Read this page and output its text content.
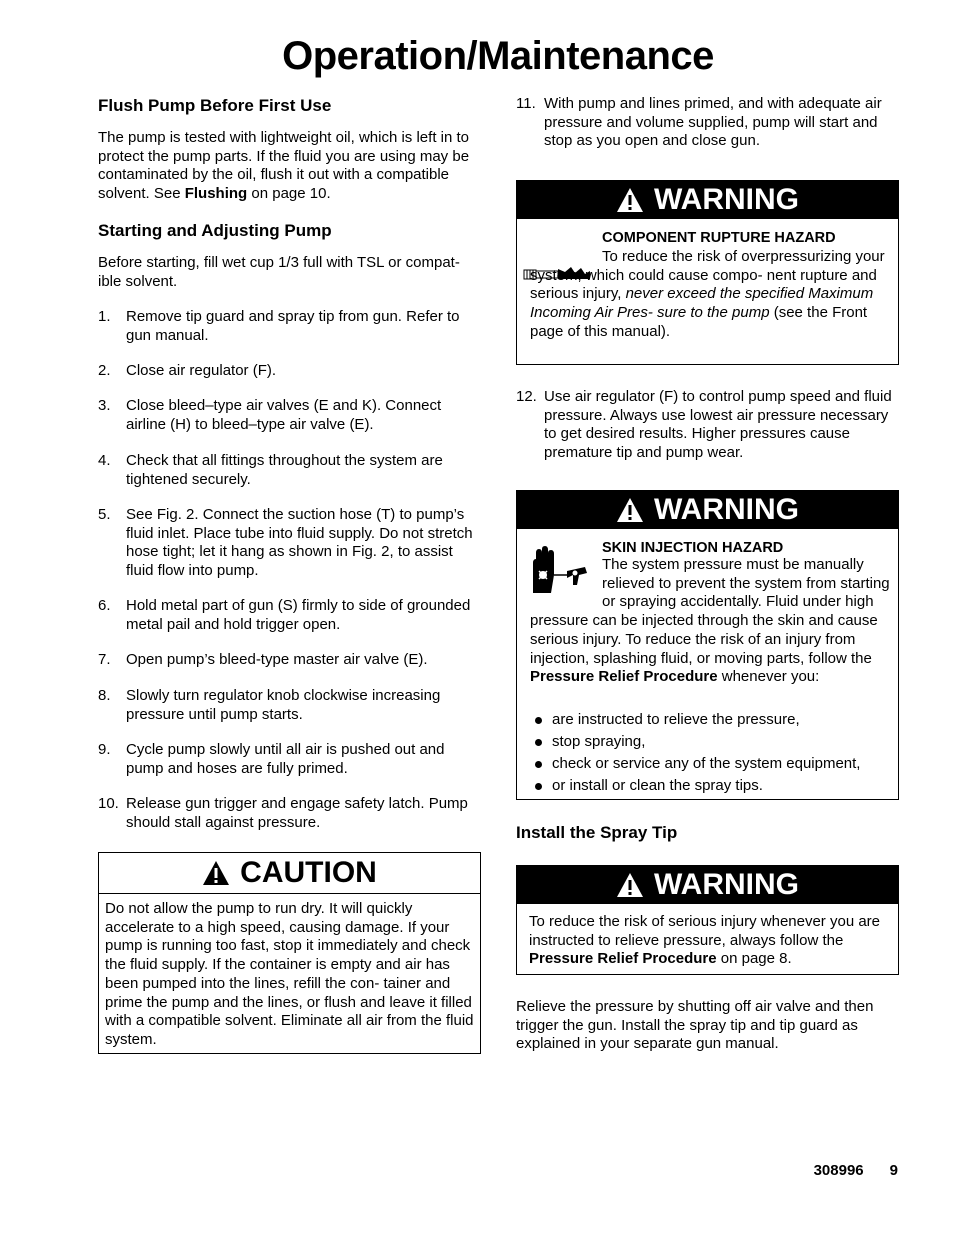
Operation/Maintenance
Flush Pump Before First Use

The pump is tested with lightweight oil, which is left in to protect the pump parts. If the fluid you are using may be contaminated by the oil, flush it out with a compatible solvent. See Flushing on page 10.

Starting and Adjusting Pump

Before starting, fill wet cup 1/3 full with TSL or compat- ible solvent.

1. Remove tip guard and spray tip from gun. Refer to gun manual.
2. Close air regulator (F).
3. Close bleed–type air valves (E and K). Connect airline (H) to bleed–type air valve (E).
4. Check that all fittings throughout the system are tightened securely.
5. See Fig. 2. Connect the suction hose (T) to pump’s fluid inlet. Place tube into fluid supply. Do not stretch hose tight; let it hang as shown in Fig. 2, to assist fluid flow into pump.
6. Hold metal part of gun (S) firmly to side of grounded metal pail and hold trigger open.
7. Open pump’s bleed-type master air valve (E).
8. Slowly turn regulator knob clockwise increasing pressure until pump starts.
9. Cycle pump slowly until all air is pushed out and pump and hoses are fully primed.
10. Release gun trigger and engage safety latch. Pump should stall against pressure.
CAUTION
Do not allow the pump to run dry. It will quickly accelerate to a high speed, causing damage. If your pump is running too fast, stop it immediately and check the fluid supply. If the container is empty and air has been pumped into the lines, refill the con- tainer and prime the pump and the lines, or flush and leave it filled with a compatible solvent. Eliminate all air from the fluid system.
11. With pump and lines primed, and with adequate air pressure and volume supplied, pump will start and stop as you open and close gun.
WARNING
COMPONENT RUPTURE HAZARD
To reduce the risk of overpressurizing your system, which could cause compo- nent rupture and serious injury, never exceed the specified Maximum Incoming Air Pres- sure to the pump (see the Front page of this manual).
12. Use air regulator (F) to control pump speed and fluid pressure. Always use lowest air pressure necessary to get desired results. Higher pressures cause premature tip and pump wear.
WARNING
SKIN INJECTION HAZARD
The system pressure must be manually relieved to prevent the system from starting or spraying accidentally. Fluid under high pressure can be injected through the skin and cause serious injury. To reduce the risk of an injury from injection, splashing fluid, or moving parts, follow the Pressure Relief Procedure whenever you:
are instructed to relieve the pressure,
stop spraying,
check or service any of the system equipment,
or install or clean the spray tips.
Install the Spray Tip
WARNING
To reduce the risk of serious injury whenever you are instructed to relieve pressure, always follow the Pressure Relief Procedure on page 8.

Relieve the pressure by shutting off air valve and then trigger the gun. Install the spray tip and tip guard as explained in your separate gun manual.

308996 9
